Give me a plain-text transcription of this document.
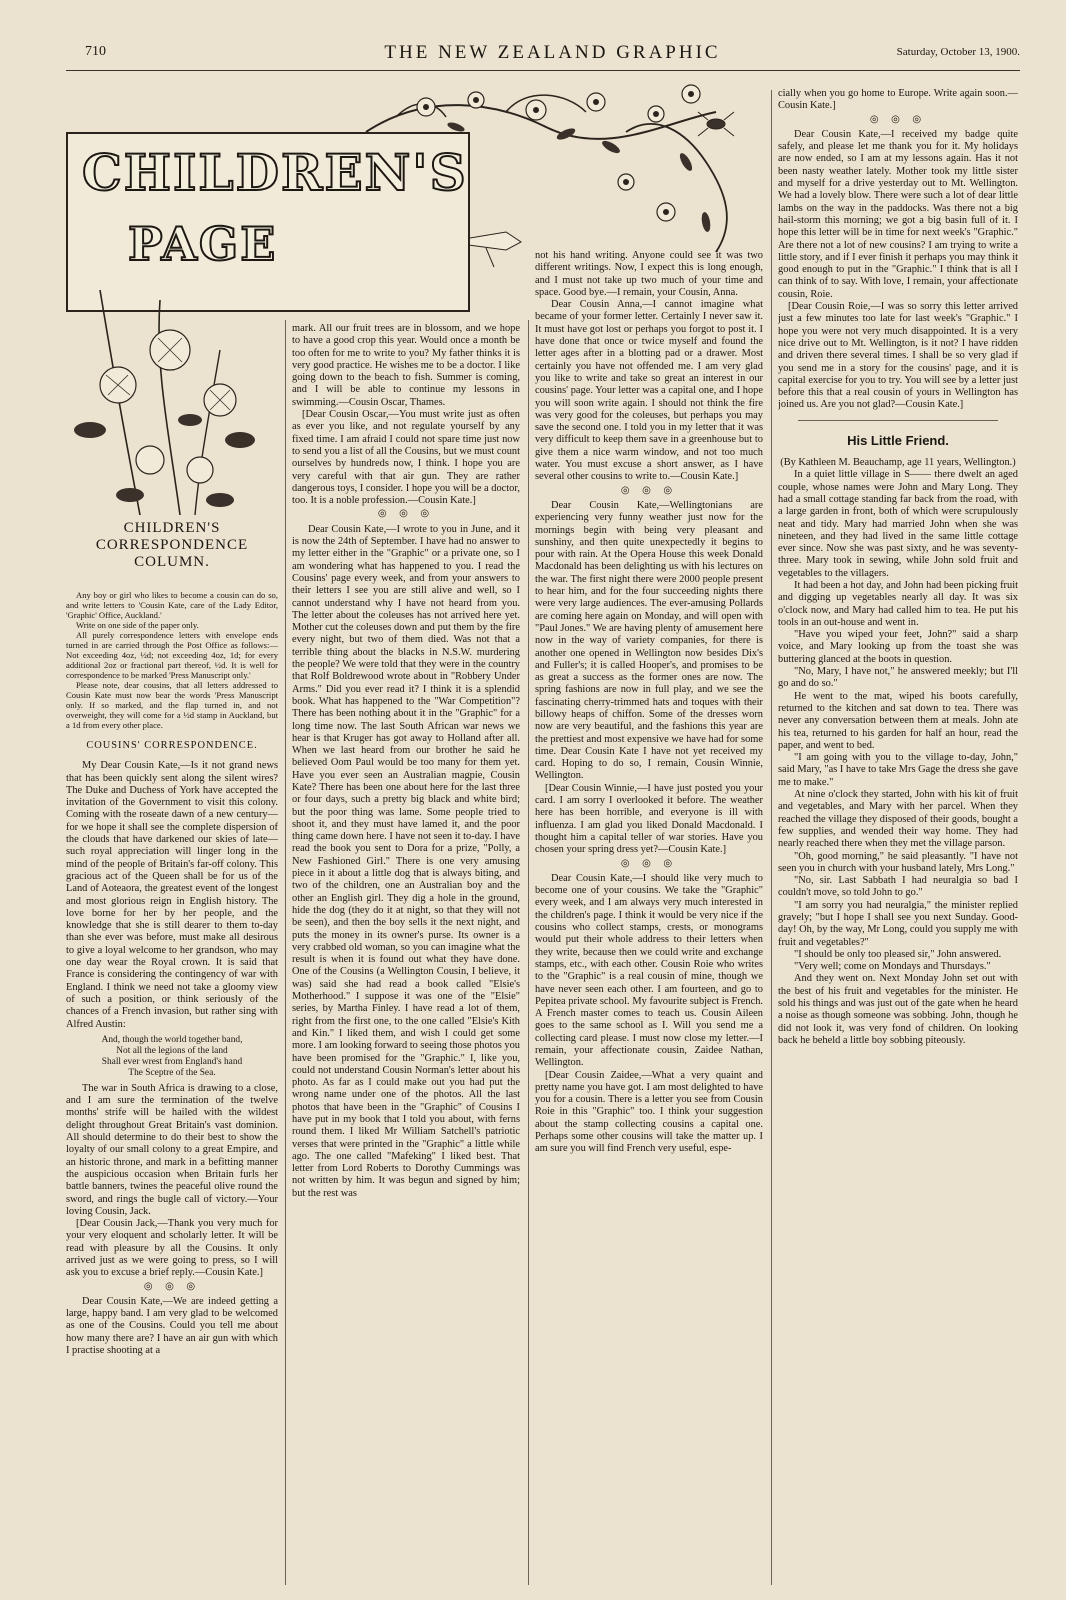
710	THE NEW ZEALAND GRAPHIC	Saturday, October 13, 1900.
CHILDREN'S
PAGE
CHILDREN'S
CORRESPONDENCE
COLUMN.

Any boy or girl who likes to become a cousin can do so, and write letters to 'Cousin Kate, care of the Lady Editor, 'Graphic' Office, Auckland.'

Write on one side of the paper only.

All purely correspondence letters with envelope ends turned in are carried through the Post Office as follows:—Not exceeding 4oz, ½d; not exceeding 4oz, 1d; for every additional 2oz or fractional part thereof, ½d. It is well for correspondence to be marked 'Press Manuscript only.'

Please note, dear cousins, that all letters addressed to Cousin Kate must now bear the words 'Press Manuscript only. If so marked, and the flap turned in, and not overweight, they will come for a ½d stamp in Auckland, but a 1d from every other place.

COUSINS' CORRESPONDENCE.

My Dear Cousin Kate,—Is it not grand news that has been quickly sent along the silent wires? The Duke and Duchess of York have accepted the invitation of the Government to visit this colony. Coming with the roseate dawn of a new century—for we hope it shall see the complete dispersion of the clouds that have darkened our skies of late—such royal appreciation will linger long in the mind of the people of Britain's far-off colony. This gracious act of the Queen shall be for us of the Land of Aoteaora, the greatest event of the longest and most glorious reign in English history. The love borne for her by her people, and the knowledge that she is still dearer to them to-day than she ever was before, must make all desirous to give a loyal welcome to her grandson, who may one day wear the Royal crown. It is said that France is considering the contingency of war with England. I think we need not take a gloomy view of such a position, or think seriously of the chances of a French invasion, but rather sing with Alfred Austin:

And, though the world together band,
Not all the legions of the land
Shall ever wrest from England's hand
The Sceptre of the Sea.

The war in South Africa is drawing to a close, and I am sure the termination of the twelve months' strife will be hailed with the wildest delight throughout Great Britain's vast dominion. All should determine to do their best to show the loyalty of our small colony to a great Empire, and an historic throne, and mark in a befitting manner the auspicious occasion when Britain furls her battle banners, twines the peaceful olive round the sword, and rings the bugle call of victory.—Your loving Cousin, Jack.

[Dear Cousin Jack,—Thank you very much for your very eloquent and scholarly letter. It will be read with pleasure by all the Cousins. It only arrived just as we were going to press, so I will ask you to excuse a brief reply.—Cousin Kate.]

◎ ◎ ◎

Dear Cousin Kate,—We are indeed getting a large, happy band. I am very glad to be welcomed as one of the Cousins. Could you tell me about how many there are? I have an air gun with which I practise shooting at a

mark. All our fruit trees are in blossom, and we hope to have a good crop this year. Would once a month be too often for me to write to you? My father thinks it is very good practice. He wishes me to be a doctor. I like going down to the beach to fish. Summer is coming, and I will be able to continue my lessons in swimming.—Cousin Oscar, Thames.

[Dear Cousin Oscar,—You must write just as often as ever you like, and not regulate yourself by any fixed time. I am afraid I could not spare time just now to send you a list of all the Cousins, but we must count ourselves by hundreds now, I think. I hope you are very careful with that air gun. They are rather dangerous toys, I consider. I hope you will be a doctor, too. It is a noble profession.—Cousin Kate.]

◎ ◎ ◎

Dear Cousin Kate,—I wrote to you in June, and it is now the 24th of September. I have had no answer to my letter either in the "Graphic" or a private one, so I am wondering what has happened to you. I read the Cousins' page every week, and from your answers to their letters I see you are still alive and well, so I cannot understand why I have not heard from you. The letter about the coleuses has not arrived here yet. Mother cut the coleuses down and put them by the fire every night, but two of them died. Was not that a terrible thing about the blacks in N.S.W. murdering the people? We were told that they were in the country that Rolf Boldrewood wrote about in "Robbery Under Arms." Did you ever read it? I think it is a splendid book. What has happened to the "War Competition"? There has been nothing about it in the "Graphic" for a long time now. The last South African war news we hear is that Kruger has got away to Holland after all. When we last heard from our brother he said he believed Oom Paul would be too many for them yet. Have you ever seen an Australian magpie, Cousin Kate? There has been one about here for the last three or four days, such a pretty big black and white bird; but the poor thing was lame. Some people tried to shoot it, and they must have lamed it, and the poor thing came down here. I have not seen it to-day. I have read the book you sent to Dora for a prize, "Polly, a New Fashioned Girl." There is one very amusing piece in it about a little dog that is always biting, and two of the children, one an Australian boy and the other an English girl. They dig a hole in the ground, hide the dog (they do it at night, so that they will not be seen), and then the boy sells it the next night, and puts the money in its owner's purse. Its owner is a very crabbed old woman, so you can imagine what the result is when it is found out what they have done. One of the Cousins (a Wellington Cousin, I believe, it was) said she had read a book called "Elsie's Motherhood." I suppose it was one of the "Elsie" series, by Martha Finley. I have read a lot of them, right from the first one, to the one called "Elsie's Kith and Kin." I liked them, and wish I could get some more. I am looking forward to seeing those photos you have been promised for the "Graphic." I, like you, could not understand Cousin Norman's letter about his photo. As far as I could make out you had put the wrong name under one of the photos. All the last photos that have been in the "Graphic" of Cousins I have put in my book that I told you about, with ferns round them. I liked Mr William Satchell's patriotic verses that were printed in the "Graphic" a little while ago. The one called "Mafeking" I liked best. That letter from Lord Roberts to Dorothy Cummings was not written by him. It was begun and signed by him; but the rest was

not his hand writing. Anyone could see it was two different writings. Now, I expect this is long enough, and I must not take up two much of your time and space. Good bye.—I remain, your Cousin, Anna.

Dear Cousin Anna,—I cannot imagine what became of your former letter. Certainly I never saw it. It must have got lost or perhaps you forgot to post it. I have done that once or twice myself and found the letter ages after in a blotting pad or a drawer. Most certainly you have not offended me. I am very glad you like to write and take so great an interest in our cousins' page. Your letter was a capital one, and I hope you will soon write again. I should not think the fire was very good for the coleuses, but perhaps you may save the second one. I told you in my letter that it was very difficult to keep them save in a greenhouse but to give them a nice warm window, and not too much water. You must excuse a short answer, as I have several other cousins to write to.—Cousin Kate.]

◎ ◎ ◎

Dear Cousin Kate,—Wellingtonians are experiencing very funny weather just now for the mornings begin with being very pleasant and sunshiny, and then quite unexpectedly it begins to pour with rain. At the Opera House this week Donald Macdonald has been delighting us with his lectures on the war. The first night there were 2000 people present to hear him, and for the four succeeding nights there were very large audiences. The ever-amusing Pollards are coming here again on Monday, and will open with "Paul Jones." We are having plenty of amusement here now in the way of variety companies, for there is another one opened in Wellington now besides Dix's and Fuller's; it is called Hooper's, and promises to be as great a success as the former ones are now. The spring fashions are now in full play, and we see the fascinating cherry-trimmed hats and toques with their billowy heaps of chiffon. Some of the dresses worn now are very beautiful, and the fashions this year are the prettiest and most expensive we have had for some time. Dear Cousin Kate I have not yet received my card. Hoping to do so, I remain, Cousin Winnie, Wellington.

[Dear Cousin Winnie,—I have just posted you your card. I am sorry I overlooked it before. The weather here has been horrible, and everyone is ill with influenza. I am glad you liked Donald Macdonald. I thought him a capital teller of war stories. Have you chosen your spring dress yet?—Cousin Kate.]

◎ ◎ ◎

Dear Cousin Kate,—I should like very much to become one of your cousins. We take the "Graphic" every week, and I am always very much interested in the children's page. I think it would be very nice if the cousins who collect stamps, crests, or monograms would put their whole address to their letters when they write, because then we could write and exchange stamps, etc., with each other. Cousin Roie who writes to the "Graphic" is a real cousin of mine, though we have never seen each other. I am fourteen, and go to Pepitea private school. My favourite subject is French. A French master comes to teach us. Cousin Aileen goes to the same school as I. Will you send me a collecting card please. I must now close my letter.—I remain, your affectionate cousin, Zaidee Nathan, Wellington.

[Dear Cousin Zaidee,—What a very quaint and pretty name you have got. I am most delighted to have you for a cousin. There is a letter you see from Cousin Roie in this "Graphic" too. I think your suggestion about the stamp collecting cousins a capital one. Perhaps some other cousins will take the matter up. I am sure you will find French very useful, espe-

cially when you go home to Europe. Write again soon.—Cousin Kate.]

◎ ◎ ◎

Dear Cousin Kate,—I received my badge quite safely, and please let me thank you for it. My holidays are now ended, so I am at my lessons again. Has it not been nasty weather lately. Mother took my little sister and myself for a drive yesterday out to Mt. Wellington. We had a lovely blow. There were such a lot of dear little lambs on the way in the paddocks. Was there not a big hail-storm this morning; we got a big basin full of it. I hope this letter will be in time for next week's "Graphic." Are there not a lot of new cousins? I am trying to write a little story, and if I ever finish it perhaps you may think it good enough to put in the "Graphic." I think that is all I can think of to say. With love, I remain, your affectionate cousin, Roie.

[Dear Cousin Roie,—I was so sorry this letter arrived just a few minutes too late for last week's "Graphic." I hope you were not very much disappointed. It is a very nice drive out to Mt. Wellington, is it not? I have ridden and driven there several times. I shall be so very glad if you send me in a story for the cousins' page, and it is capital exercise for you to try. You will see by a letter just before this that a real cousin of yours in Wellington has joined us. Are you not glad?—Cousin Kate.]

His Little Friend.

(By Kathleen M. Beauchamp, age 11 years, Wellington.)

In a quiet little village in S—— there dwelt an aged couple, whose names were John and Mary Long. They had a small cottage standing far back from the road, with a large garden in front, both of which were scrupulously neat and tidy. Mary had married John when she was nineteen, and they had lived in the same little cottage ever since. Now she was past sixty, and he was seventy-three. Mary took in sewing, while John sold fruit and vegetables to the villagers.

It had been a hot day, and John had been picking fruit and digging up vegetables nearly all day. It was six o'clock now, and Mary had called him to tea. He put his tools in an out-house and went in.

"Have you wiped your feet, John?" said a sharp voice, and Mary looking up from the toast she was buttering glanced at the boots in question.

"No, Mary, I have not," he answered meekly; but I'll go and do so."

He went to the mat, wiped his boots carefully, returned to the kitchen and sat down to tea. There was never any conversation between them at meals. John ate his tea, returned to his garden for half an hour, read the paper, and went to bed.

"I am going with you to the village to-day, John," said Mary, "as I have to take Mrs Gage the dress she gave me to make."

At nine o'clock they started, John with his kit of fruit and vegetables, and Mary with her parcel. When they reached the village they disposed of their goods, bought a few supplies, and wended their way home. They had nearly reached there when they met the village parson.

"Oh, good morning," he said pleasantly. "I have not seen you in church with your husband lately, Mrs Long."

"No, sir. Last Sabbath I had neuralgia so bad I couldn't move, so told John to go."

"I am sorry you had neuralgia," the minister replied gravely; "but I hope I shall see you next Sunday. Good-day! Oh, by the way, Mr Long, could you supply me with fruit and vegetables?"

"I should be only too pleased sir," John answered.

"Very well; come on Mondays and Thursdays."

And they went on. Next Monday John set out with the best of his fruit and vegetables for the minister. He sold his things and was just out of the gate when he heard a noise as though someone was sobbing. John, though he did not look it, was very fond of children. On looking back he beheld a little boy sobbing piteously.
